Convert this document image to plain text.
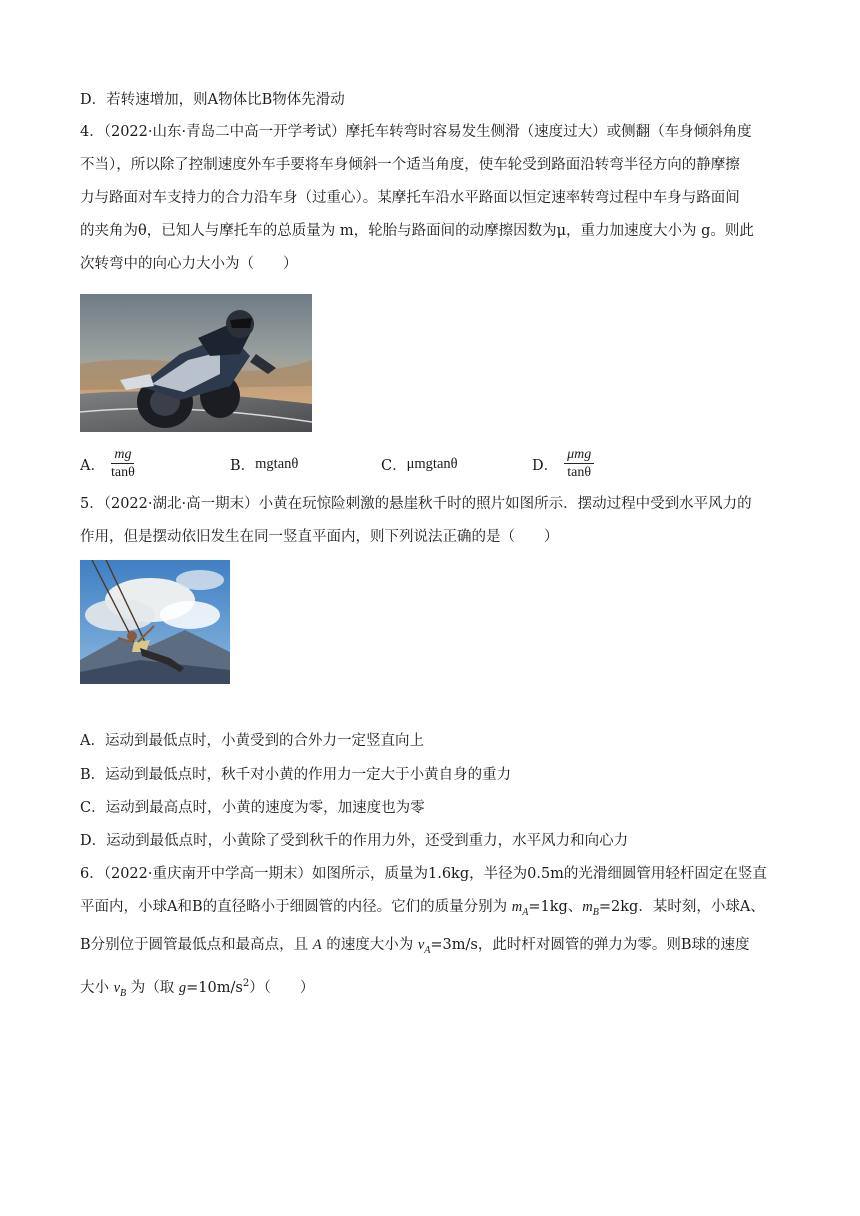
D．若转速增加，则A物体比B物体先滑动
4．（2022·山东·青岛二中高一开学考试）摩托车转弯时容易发生侧滑（速度过大）或侧翻（车身倾斜角度
不当），所以除了控制速度外车手要将车身倾斜一个适当角度，使车轮受到路面沿转弯半径方向的静摩擦
力与路面对车支持力的合力沿车身（过重心）。某摩托车沿水平路面以恒定速率转弯过程中车身与路面间
的夹角为θ，已知人与摩托车的总质量为 m，轮胎与路面间的动摩擦因数为μ，重力加速度大小为 g。则此
次转弯中的向心力大小为（　　）
A． $\frac{mg}{\tan\theta}$	B． mgtanθ	C． μmgtanθ	D． $\frac{\text{μmg}}{\tan\theta}$
5．（2022·湖北·高一期末）小黄在玩惊险刺激的悬崖秋千时的照片如图所示．摆动过程中受到水平风力的
作用，但是摆动依旧发生在同一竖直平面内，则下列说法正确的是（　　）
A．运动到最低点时，小黄受到的合外力一定竖直向上
B．运动到最低点时，秋千对小黄的作用力一定大于小黄自身的重力
C．运动到最高点时，小黄的速度为零，加速度也为零
D．运动到最低点时，小黄除了受到秋千的作用力外，还受到重力，水平风力和向心力
6．（2022·重庆南开中学高一期末）如图所示，质量为1.6kg，半径为0.5m的光滑细圆管用轻杆固定在竖直
平面内，小球A和B的直径略小于细圆管的内径。它们的质量分别为 $m_A=1kg$、$m_B=2kg$．某时刻，小球A、
B分别位于圆管最低点和最高点，且 A 的速度大小为 $v_A=3m/s$，此时杆对圆管的弹力为零。则B球的速度
大小 $v_B$ 为（取 $g=10m/s^2$）（　　）
